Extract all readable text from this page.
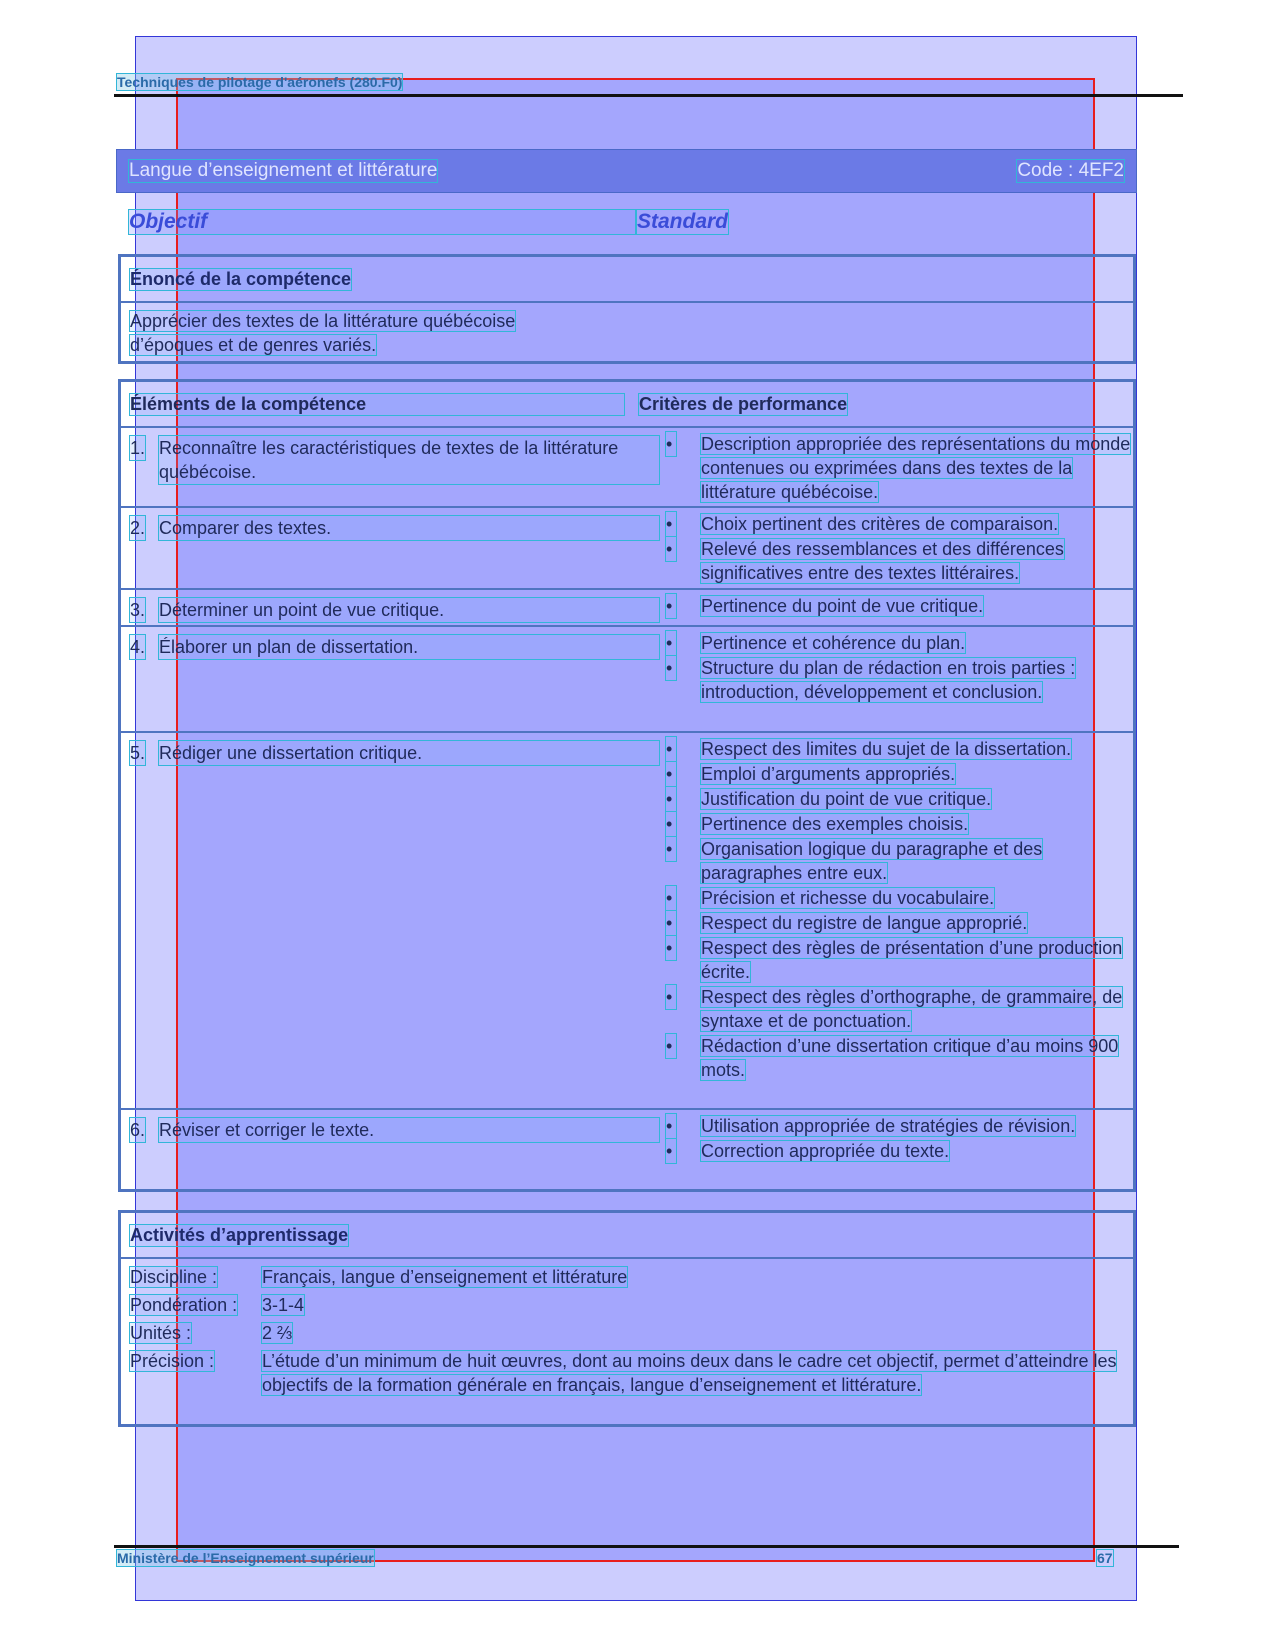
Techniques de pilotage d'aéronefs (280.F0)
Langue d’enseignement et littérature	Code : 4EF2
Objectif	Standard
Énoncé de la compétence
Apprécier des textes de la littérature québécoise
d’époques et de genres variés.
Éléments de la compétence	Critères de performance
1. Reconnaître les caractéristiques de textes de la littérature québécoise.
• Description appropriée des représentations du monde contenues ou exprimées dans des textes de la littérature québécoise.
2. Comparer des textes.	• Choix pertinent des critères de comparaison.
• Relevé des ressemblances et des différences significatives entre des textes littéraires.
3. Déterminer un point de vue critique.	• Pertinence du point de vue critique.
4. Élaborer un plan de dissertation.	• Pertinence et cohérence du plan.
• Structure du plan de rédaction en trois parties : introduction, développement et conclusion.
5. Rédiger une dissertation critique.	• Respect des limites du sujet de la dissertation.
• Emploi d’arguments appropriés.
• Justification du point de vue critique.
• Pertinence des exemples choisis.
• Organisation logique du paragraphe et des paragraphes entre eux.
• Précision et richesse du vocabulaire.
• Respect du registre de langue approprié.
• Respect des règles de présentation d’une production écrite.
• Respect des règles d’orthographe, de grammaire, de syntaxe et de ponctuation.
• Rédaction d’une dissertation critique d’au moins 900 mots.
6. Réviser et corriger le texte.	• Utilisation appropriée de stratégies de révision.
• Correction appropriée du texte.
Activités d’apprentissage
Discipline :	Français, langue d’enseignement et littérature
Pondération :	3-1-4
Unités :	2 ⅔
Précision :	L’étude d’un minimum de huit œuvres, dont au moins deux dans le cadre cet objectif, permet d’atteindre les objectifs de la formation générale en français, langue d’enseignement et littérature.
Ministère de l’Enseignement supérieur	67
